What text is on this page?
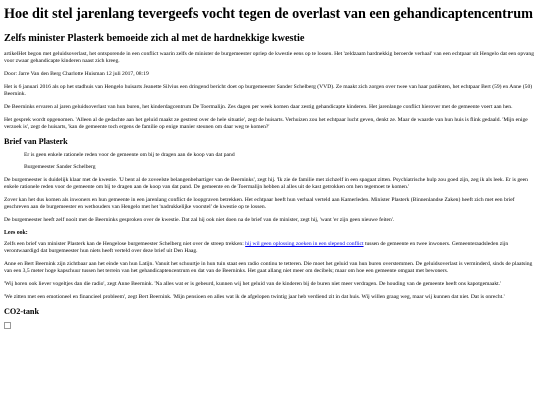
Hoe dit stel jarenlang tevergeefs vocht tegen de overlast van een gehandicaptencentrum
Zelfs minister Plasterk bemoeide zich al met de hardnekkige kwestie

artikelHet begon met geluidsoverlast, het ontsporende in een conflict waarin zelfs de minister de burgemeester opriep de kwestie eens op te lossen. Het 'zeldzaam hardnekkig beroerde verhaal' van een echtpaar uit Hengelo dat een opvang voor zwaar gehandicapte kinderen naast zich kreeg.

Door: Jarre Van den Berg Charlotte Huisman 12 juli 2017, 08:19

Het is 6 januari 2016 als op het stadhuis van Hengelo huisarts Jeanette Silvius een dringend bericht doet op burgemeester Sander Schelberg (VVD). Ze maakt zich zorgen over twee van haar patiënten, het echtpaar Bert (59) en Anne (50) Beernink.

De Beerninks ervaren al jaren geluidsoverlast van hun buren, het kinderdagcentrum De Toermalijn. Zes dagen per week komen daar zestig gehandicapte kinderen. Het jarenlange conflict hierover met de gemeente voert aan hen.

Het gesprek wordt opgenomen. 'Alleen al de gedachte aan het geluid maakt ze gestrest over de hele situatie', zegt de huisarts. Verhuizen zou het echtpaar lucht geven, denkt ze. Maar de waarde van hun huis is flink gedaald. 'Mijn enige verzoek is', zegt de huisarts, 'kan de gemeente toch ergens de familie op enige manier steunen om daar weg te komen?'

Brief van Plasterk

Er is geen enkele rationele reden voor de gemeente om bij te dragen aan de koop van dat pand

Burgemeester Sander Schelberg

De burgemeester is duidelijk klaar met de kwestie. 'U bent al de zoveelste belangenbehartiger van de Beerninks', zegt hij. 'Ik zie de familie met zichzelf in een spagaat zitten. Psychiatrische hulp zou goed zijn, zeg ik als leek. Er is geen enkele rationele reden voor de gemeente om bij te dragen aan de koop van dat pand. De gemeente en de Toermalijn hebben al alles uit de kast getrokken om hen tegemoet te komen.'

Zover kan het dus komen als inwoners en hun gemeente in een jarenlang conflict de loopgraven betrekken. Het echtpaar heeft hun verhaal verteld aan Kamerleden. Minister Plasterk (Binnenlandse Zaken) heeft zich met een brief geschreven aan de burgemeester en wethouders van Hengelo met het 'nadrukkelijke voorstel' de kwestie op te lossen.

De burgemeester heeft zelf nooit met de Beerninks gesproken over de kwestie. Dat zal hij ook niet doen na de brief van de minister, zegt hij, 'want 'er zijn geen nieuwe feiten'.

Lees ook:

Zelfs een brief van minister Plasterk kan de Hengelose burgemeester Schelberg niet over de streep trekken: hij wil geen oplossing zoeken in een slepend conflict tussen de gemeente en twee inwoners. Gemeenteraadsleden zijn verontwaardigd dat burgemeester hun niets heeft verteld over deze brief uit Den Haag.

Anne en Bert Beernink zijn zichtbaar aan het einde van hun Latijn. Vanuit het schuurtje in hun tuin staat een radio continu te tetteren. Die moet het geluid van hun buren overstemmen. De geluidsoverlast is verminderd, sinds de plaatsing van een 3,5 meter hoge kapschuur tussen het terrein van het gehandicaptencentrum en dat van de Beerninks. Het gaat allang niet meer om decibels; maar om hoe een gemeente omgaat met bewoners.

'Wij horen ook liever vogeltjes dan die radio', zegt Anne Beernink. 'Na alles wat er is gebeurd, kunnen wij het geluid van de kinderen bij de buren niet meer verdragen. De houding van de gemeente heeft ons kapotgemaakt.'

'We zitten met een emotioneel en financieel probleem', zegt Bert Beernink. 'Mijn pensioen en alles wat ik de afgelopen twintig jaar heb verdiend zit in dat huis. Wij willen graag weg, maar wij kunnen dat niet. Dat is onrecht.'

CO2-tank
